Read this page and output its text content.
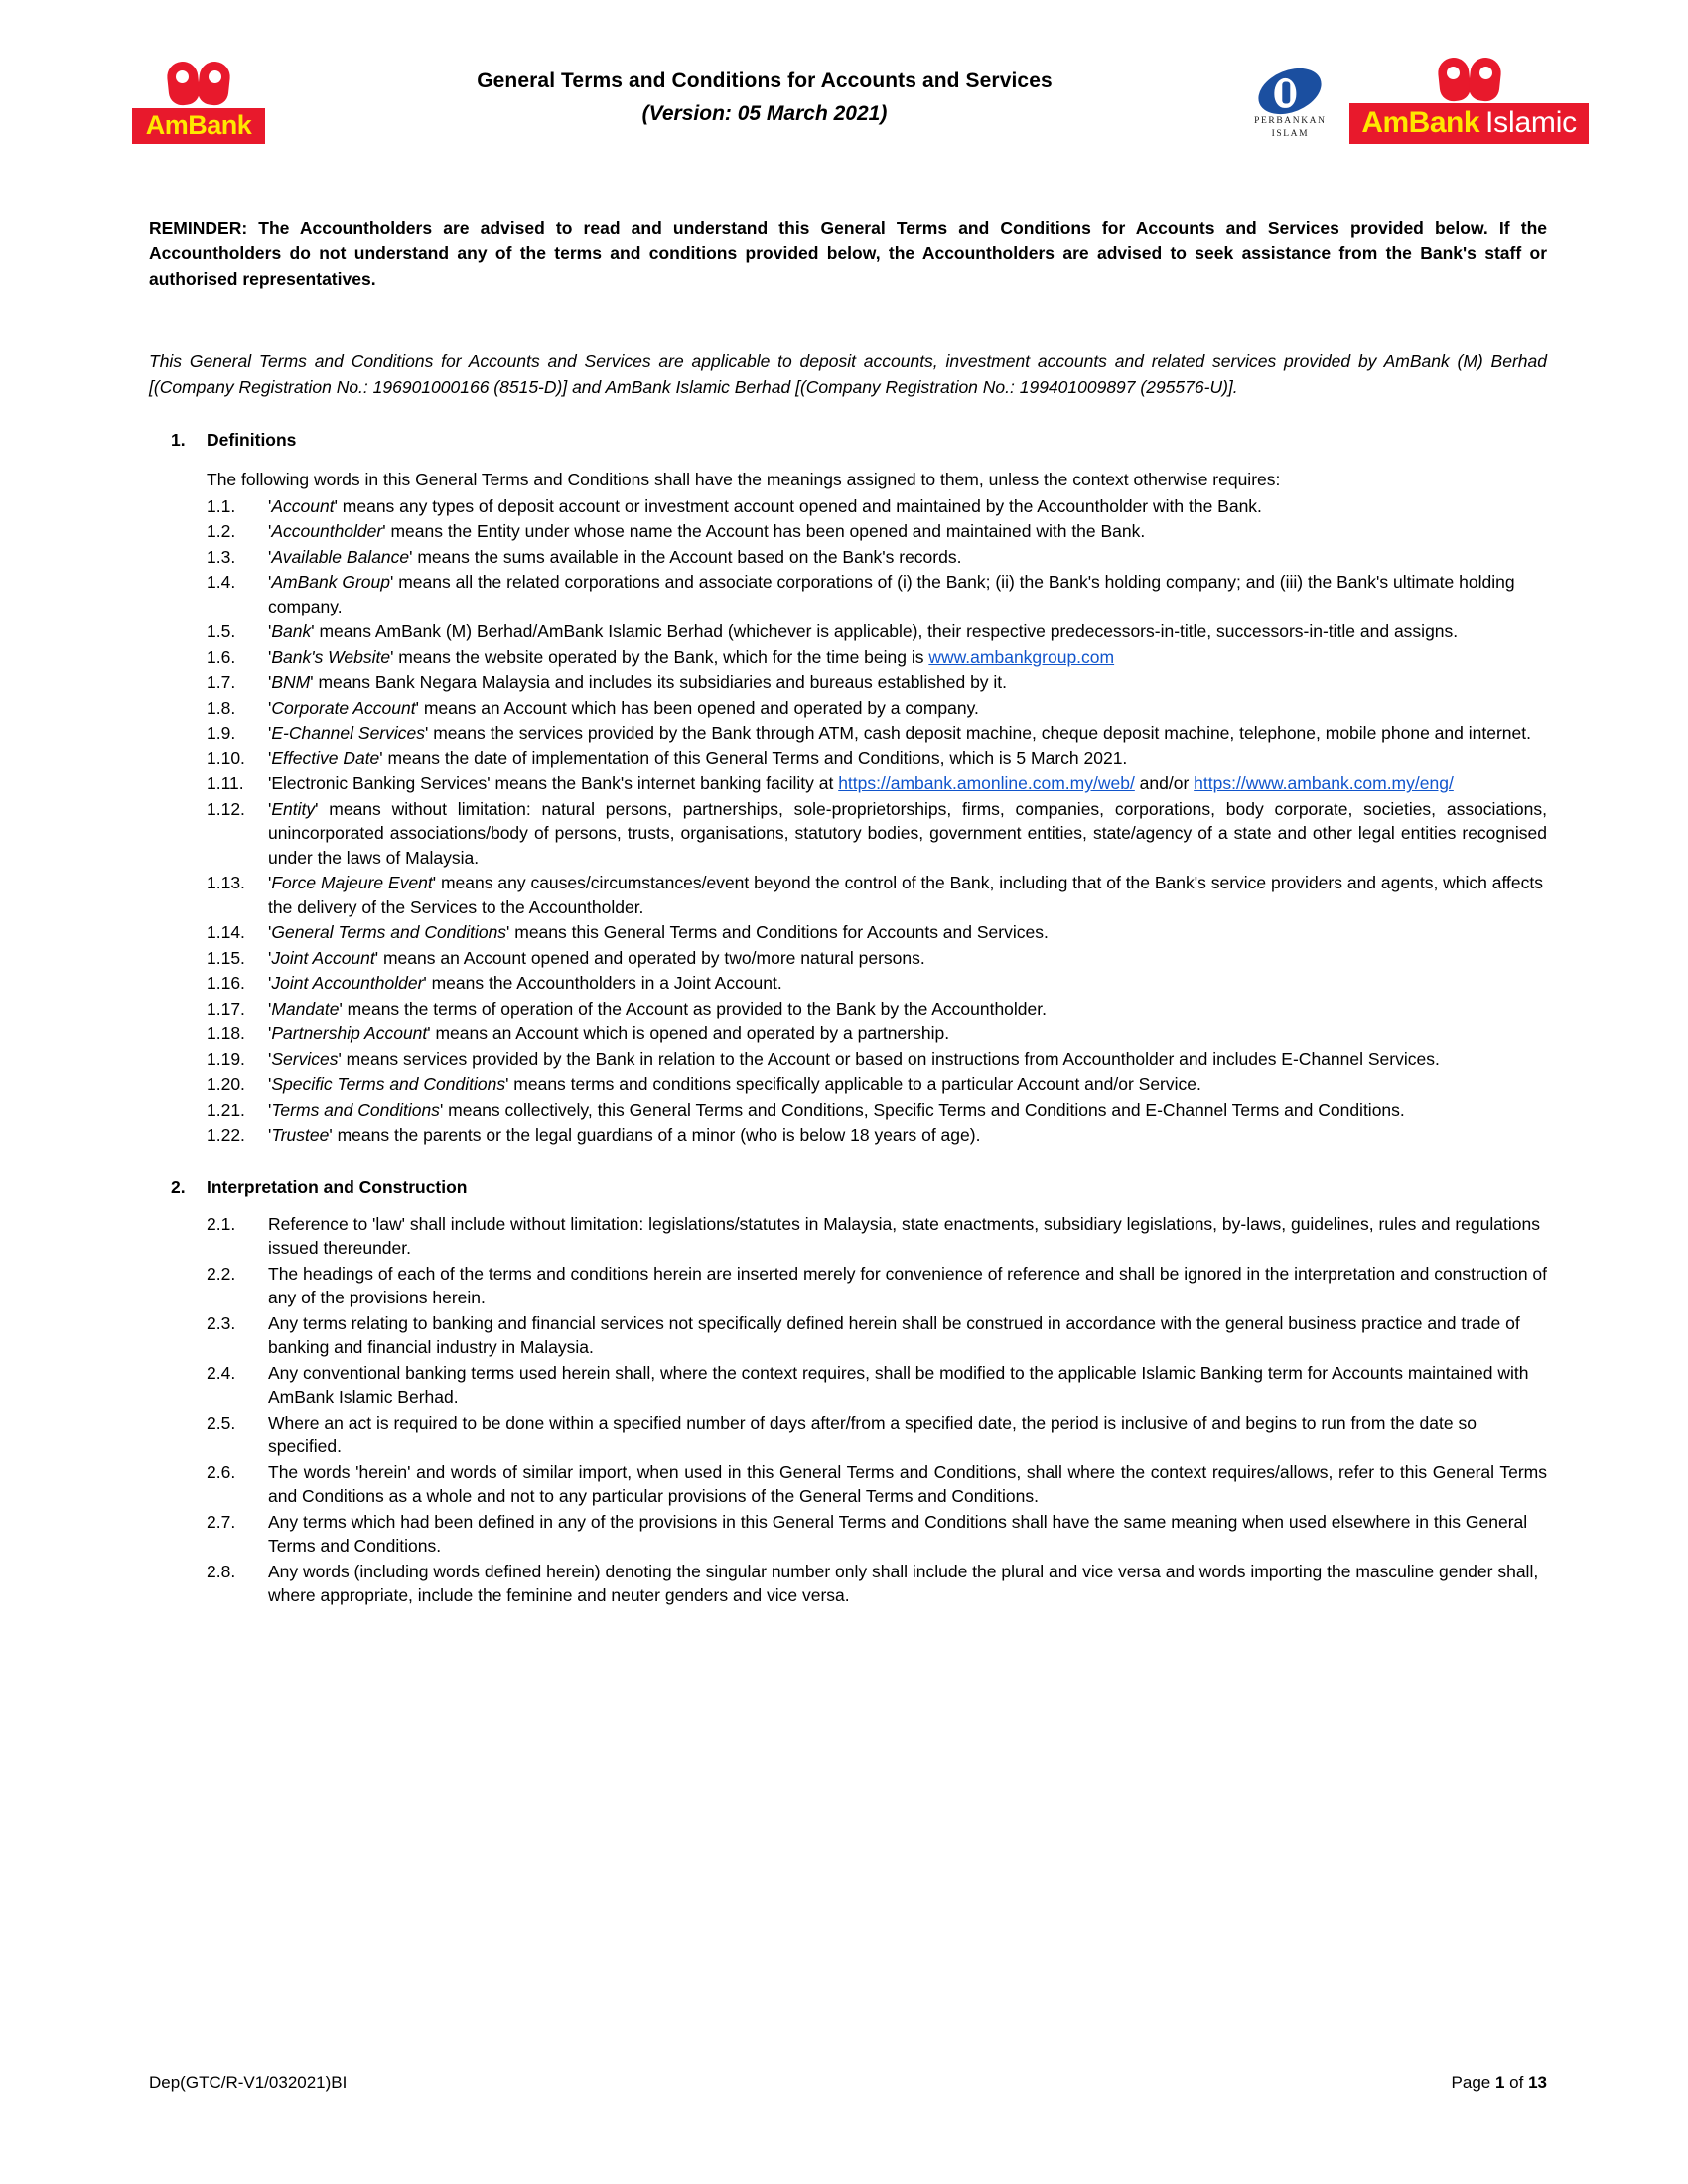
AmBank
General Terms and Conditions for Accounts and Services
(Version: 05 March 2021)	PERBANKAN
ISLAM	AmBank Islamic

REMINDER: The Accountholders are advised to read and understand this General Terms and Conditions for Accounts and Services provided below. If the Accountholders do not understand any of the terms and conditions provided below, the Accountholders are advised to seek assistance from the Bank's staff or authorised representatives.

This General Terms and Conditions for Accounts and Services are applicable to deposit accounts, investment accounts and related services provided by AmBank (M) Berhad [(Company Registration No.: 196901000166 (8515-D)] and AmBank Islamic Berhad [(Company Registration No.: 199401009897 (295576-U)].

1.	Definitions

The following words in this General Terms and Conditions shall have the meanings assigned to them, unless the context otherwise requires:

1.1.	'Account' means any types of deposit account or investment account opened and maintained by the Accountholder with the Bank.
1.2.	'Accountholder' means the Entity under whose name the Account has been opened and maintained with the Bank.
1.3.	'Available Balance' means the sums available in the Account based on the Bank's records.
1.4.	'AmBank Group' means all the related corporations and associate corporations of (i) the Bank; (ii) the Bank's holding company; and (iii) the Bank's ultimate holding company.
1.5.	'Bank' means AmBank (M) Berhad/AmBank Islamic Berhad (whichever is applicable), their respective predecessors-in-title, successors-in-title and assigns.
1.6.	'Bank's Website' means the website operated by the Bank, which for the time being is www.ambankgroup.com
1.7.	'BNM' means Bank Negara Malaysia and includes its subsidiaries and bureaus established by it.
1.8.	'Corporate Account' means an Account which has been opened and operated by a company.
1.9.	'E-Channel Services' means the services provided by the Bank through ATM, cash deposit machine, cheque deposit machine, telephone, mobile phone and internet.
1.10.	'Effective Date' means the date of implementation of this General Terms and Conditions, which is 5 March 2021.
1.11.	'Electronic Banking Services' means the Bank's internet banking facility at https://ambank.amonline.com.my/web/ and/or https://www.ambank.com.my/eng/
1.12.	'Entity' means without limitation: natural persons, partnerships, sole-proprietorships, firms, companies, corporations, body corporate, societies, associations, unincorporated associations/body of persons, trusts, organisations, statutory bodies, government entities, state/agency of a state and other legal entities recognised under the laws of Malaysia.
1.13.	'Force Majeure Event' means any causes/circumstances/event beyond the control of the Bank, including that of the Bank's service providers and agents, which affects the delivery of the Services to the Accountholder.
1.14.	'General Terms and Conditions' means this General Terms and Conditions for Accounts and Services.
1.15.	'Joint Account' means an Account opened and operated by two/more natural persons.
1.16.	'Joint Accountholder' means the Accountholders in a Joint Account.
1.17.	'Mandate' means the terms of operation of the Account as provided to the Bank by the Accountholder.
1.18.	'Partnership Account' means an Account which is opened and operated by a partnership.
1.19.	'Services' means services provided by the Bank in relation to the Account or based on instructions from Accountholder and includes E-Channel Services.
1.20.	'Specific Terms and Conditions' means terms and conditions specifically applicable to a particular Account and/or Service.
1.21.	'Terms and Conditions' means collectively, this General Terms and Conditions, Specific Terms and Conditions and E-Channel Terms and Conditions.
1.22.	'Trustee' means the parents or the legal guardians of a minor (who is below 18 years of age).
2.	Interpretation and Construction
2.1.	Reference to 'law' shall include without limitation: legislations/statutes in Malaysia, state enactments, subsidiary legislations, by-laws, guidelines, rules and regulations issued thereunder.
2.2.	The headings of each of the terms and conditions herein are inserted merely for convenience of reference and shall be ignored in the interpretation and construction of any of the provisions herein.
2.3.	Any terms relating to banking and financial services not specifically defined herein shall be construed in accordance with the general business practice and trade of banking and financial industry in Malaysia.
2.4.	Any conventional banking terms used herein shall, where the context requires, shall be modified to the applicable Islamic Banking term for Accounts maintained with AmBank Islamic Berhad.
2.5.	Where an act is required to be done within a specified number of days after/from a specified date, the period is inclusive of and begins to run from the date so specified.
2.6.	The words 'herein' and words of similar import, when used in this General Terms and Conditions, shall where the context requires/allows, refer to this General Terms and Conditions as a whole and not to any particular provisions of the General Terms and Conditions.
2.7.	Any terms which had been defined in any of the provisions in this General Terms and Conditions shall have the same meaning when used elsewhere in this General Terms and Conditions.
2.8.	Any words (including words defined herein) denoting the singular number only shall include the plural and vice versa and words importing the masculine gender shall, where appropriate, include the feminine and neuter genders and vice versa.
Dep(GTC/R-V1/032021)BI	Page 1 of 13
